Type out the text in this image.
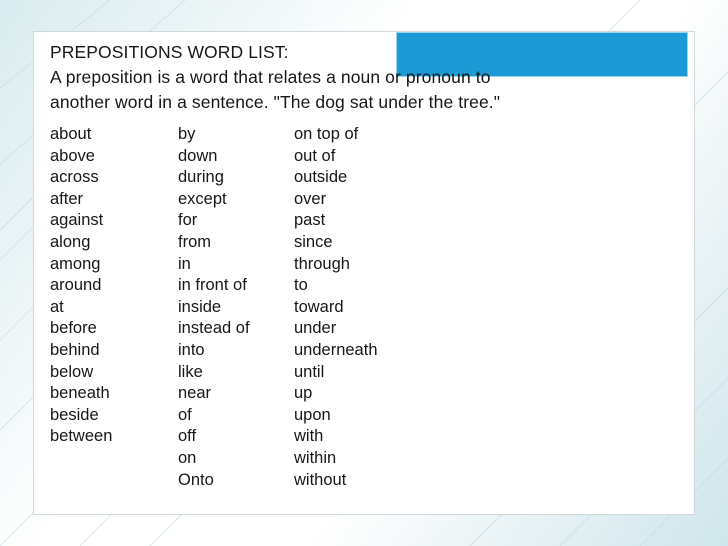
PREPOSITIONS WORD LIST:
A preposition is a word that relates a noun or pronoun to
another word in a sentence. "The dog sat under the tree."
about
above
across
after
against
along
among
around
at
before
behind
below
beneath
beside
between
by
down
during
except
for
from
in
in front of
inside
instead of
into
like
near
of
off
on
Onto
on top of
out of
outside
over
past
since
through
to
toward
under
underneath
until
up
upon
with
within
without
